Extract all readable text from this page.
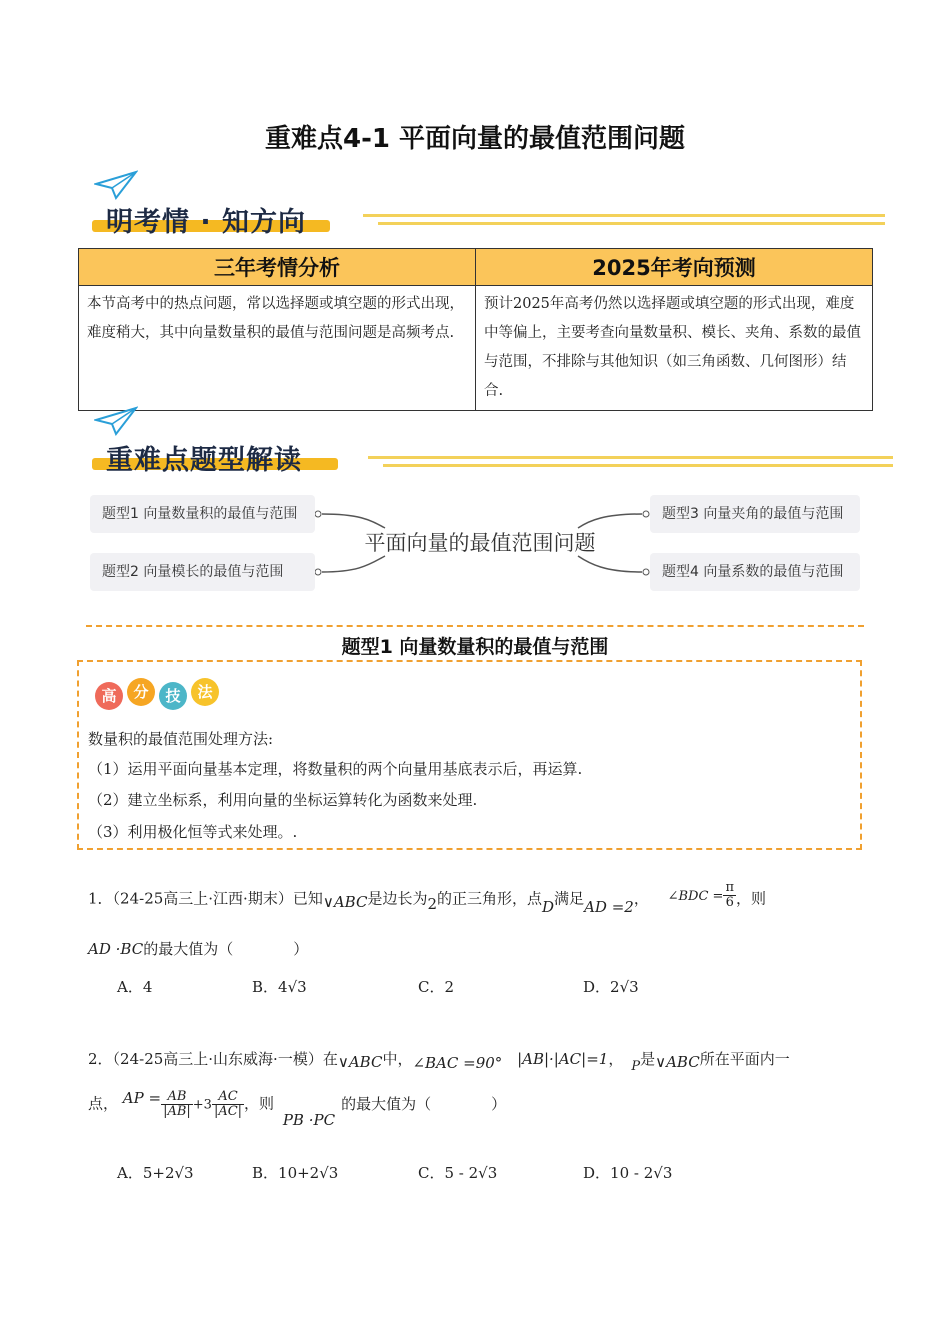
重难点4-1 平面向量的最值范围问题
明考情 · 知方向
三年考情分析	2025年考向预测
本节高考中的热点问题，常以选择题或填空题的形式出现，难度稍大，其中向量数量积的最值与范围问题是高频考点.	预计2025年高考仍然以选择题或填空题的形式出现，难度中等偏上，主要考查向量数量积、模长、夹角、系数的最值与范围，不排除与其他知识（如三角函数、几何图形）结合.
重难点题型解读
题型1 向量数量积的最值与范围
题型2 向量模长的最值与范围
题型3 向量夹角的最值与范围
题型4 向量系数的最值与范围
平面向量的最值范围问题
题型1 向量数量积的最值与范围
高	分	技	法
数量积的最值范围处理方法:
（1）运用平面向量基本定理，将数量积的两个向量用基底表示后，再运算.
（2）建立坐标系，利用向量的坐标运算转化为函数来处理.
（3）利用极化恒等式来处理。.
1．（24-25高三上·江西·期末）已知∨ABC是边长为2的正三角形，点D满足AD =2， ∠BDC = $\frac{\pi}{6}$ ，则
AD ·BC的最大值为（　　　　）
A．4	B．4√3	C．2	D．2√3
2．（24-25高三上·山东威海·一模）在∨ABC中，∠BAC =90° |AB|·|AC|=1， P是∨ABC所在平面内一
点， AP = $\frac{AB}{|AB|} +3 \frac{AC}{|AC|}$ ，则 PB ·PC的最大值为（　　　　）
A．5+2√3	B．10+2√3	C．5 - 2√3	D．10 - 2√3
